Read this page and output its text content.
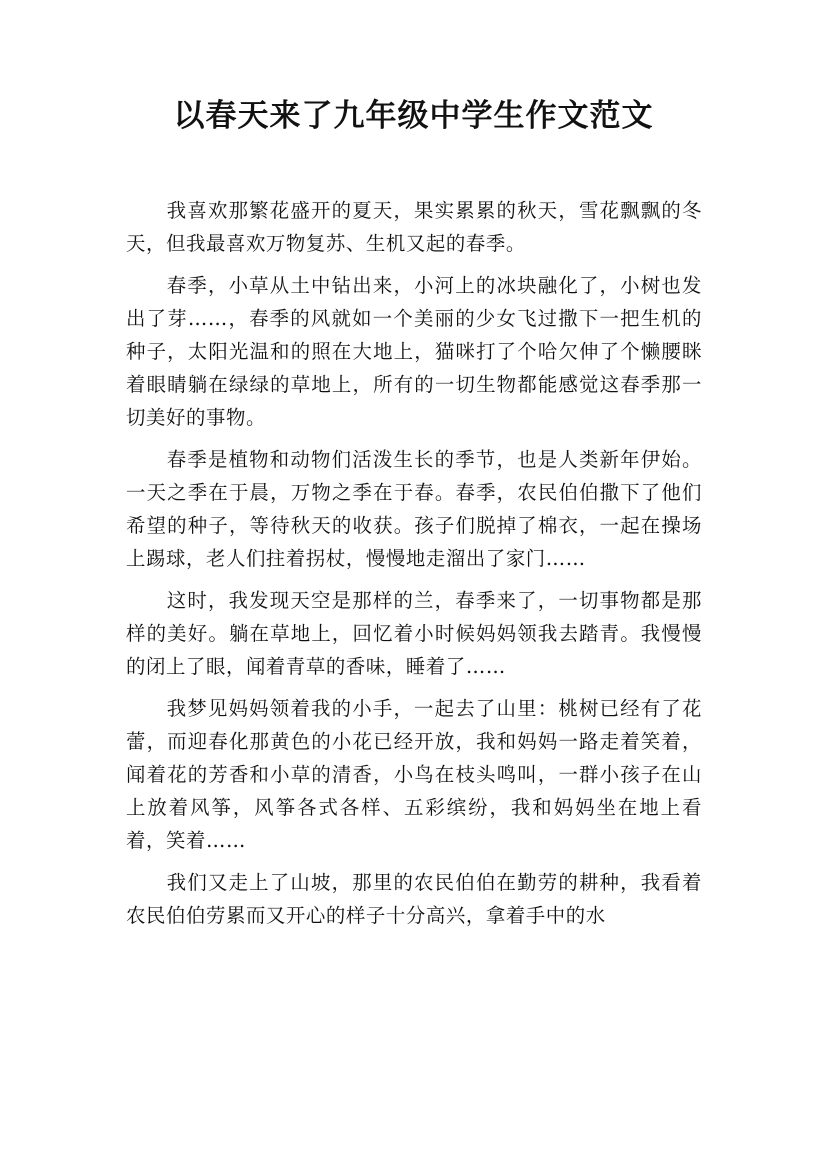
以春天来了九年级中学生作文范文

我喜欢那繁花盛开的夏天，果实累累的秋天，雪花飘飘的冬天，但我最喜欢万物复苏、生机又起的春季。

春季，小草从土中钻出来，小河上的冰块融化了，小树也发出了芽……，春季的风就如一个美丽的少女飞过撒下一把生机的种子，太阳光温和的照在大地上，猫咪打了个哈欠伸了个懒腰眯着眼睛躺在绿绿的草地上，所有的一切生物都能感觉这春季那一切美好的事物。

春季是植物和动物们活泼生长的季节，也是人类新年伊始。一天之季在于晨，万物之季在于春。春季，农民伯伯撒下了他们希望的种子，等待秋天的收获。孩子们脱掉了棉衣，一起在操场上踢球，老人们拄着拐杖，慢慢地走溜出了家门……

这时，我发现天空是那样的兰，春季来了，一切事物都是那样的美好。躺在草地上，回忆着小时候妈妈领我去踏青。我慢慢的闭上了眼，闻着青草的香味，睡着了……

我梦见妈妈领着我的小手，一起去了山里：桃树已经有了花蕾，而迎春化那黄色的小花已经开放，我和妈妈一路走着笑着，闻着花的芳香和小草的清香，小鸟在枝头鸣叫，一群小孩子在山上放着风筝，风筝各式各样、五彩缤纷，我和妈妈坐在地上看着，笑着……

我们又走上了山坡，那里的农民伯伯在勤劳的耕种，我看着农民伯伯劳累而又开心的样子十分高兴，拿着手中的水
